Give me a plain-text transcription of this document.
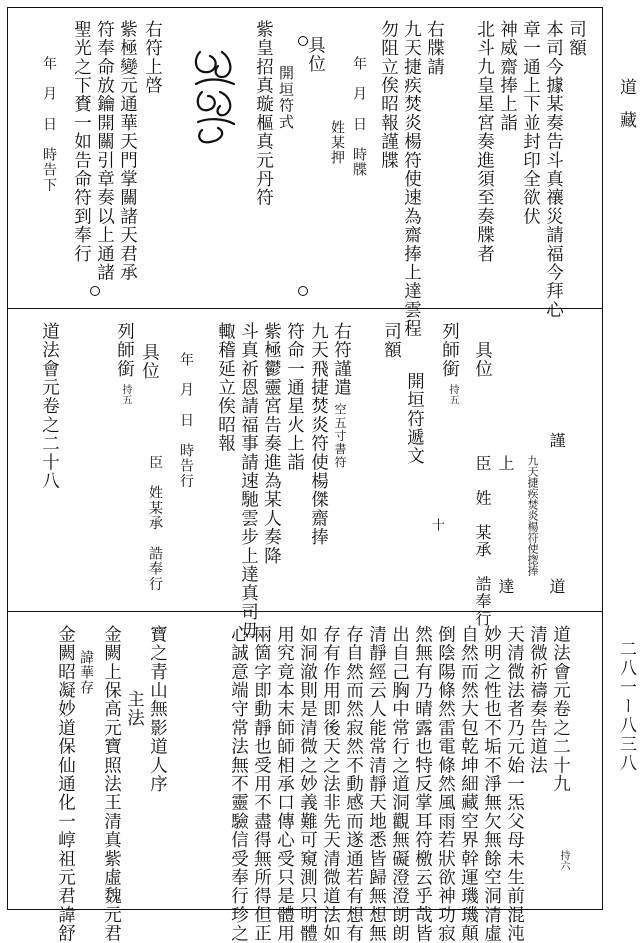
道藏
二八一ー八三八
司額
本司今據某奏告斗真禳災請福今拜心
章一通上下並封印全欲伏
神威齋捧上詣
北斗九皇星宮奏進須至奏牒者
右牒請
九天捷疾焚炎楊符使速為齋捧上達雲程
勿阻立俟昭報謹牒
年　月　日　時牒
姓某押
具位
開垣符式
紫皇招真璇樞真元丹符
右符上啓
紫極變元通華天門掌關諸天君承
符奉命放鑰開關引章奏以上通諸
聖光之下賚一如告命符到奉行
年　月　日　時告下
謹
道
九天捷疾焚炎楊符使揔捧
上
達
臣　姓　某承　誥奉行
十
列師銜
持五
具位
開垣符遞文
司額
右符謹遣
空五寸書符
九天飛捷焚炎符使楊傑齋捧
符命一通星火上詣
紫極鬱靈宮告奏進為某人奏降
斗真祈恩請福事請速馳雲步上達真司毋
輙稽延立俟昭報
年　月　日　時告行
臣　姓某承　誥奉行
具位
列師銜
持五
道法會元卷之二十八
道法會元卷之二十九
持六
清微祈禱奏告道法
天清微法者乃元始一炁父母未生前混沌
妙明之性也不垢不淨無欠無餘空洞清虛
自然而然大包乾坤細藏空界幹運璣璣顛
倒陰陽條然雷電條然風雨若狀欲神功寂
然無有乃晴露也特反掌耳符檄云乎哉皆
出自己胸中常行之道洞觀無礙澄澄朗朗
清靜經云人能常清靜天地悉皆歸無想無
存自然而然寂然不動感而遂通若有想有
存有作用即後天之法非先天清微道法如
如洞澈則是清微之妙義難可窺測只明體
用究竟本末師師相承口傳心受只是體用
兩箇字即動靜也受用不盡得無所得但正
心誠意端守常法無不靈驗信受奉行珍之
寶之青山無影道人序
主法
金闕上保高元寶照法王清真紫虛魏元君
諱華存
金闕昭凝妙道保仙通化一崞祖元君諱舒
